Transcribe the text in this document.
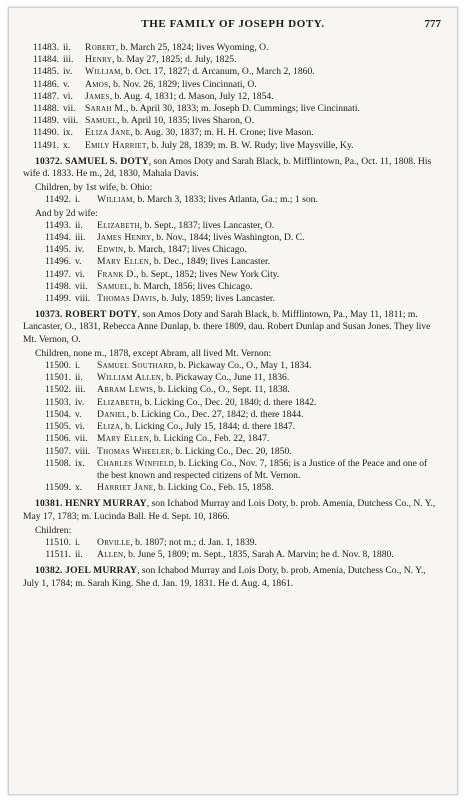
THE FAMILY OF JOSEPH DOTY.	777

11483. ii. Robert, b. March 25, 1824; lives Wyoming, O.

11484. iii. Henry, b. May 27, 1825; d. July, 1825.

11485. iv. William, b. Oct. 17, 1827; d. Arcanum, O., March 2, 1860.

11486. v. Amos, b. Nov. 26, 1829; lives Cincinnati, O.

11487. vi. James, b. Aug. 4, 1831; d. Mason, July 12, 1854.

11488. vii. Sarah M., b. April 30, 1833; m. Joseph D. Cummings; live Cincinnati.

11489. viii. Samuel, b. April 10, 1835; lives Sharon, O.

11490. ix. Eliza Jane, b. Aug. 30, 1837; m. H. H. Crone; live Mason.

11491. x. Emily Harriet, b. July 28, 1839; m. B. W. Rudy; live Maysville, Ky.

10372. SAMUEL S. DOTY, son Amos Doty and Sarah Black, b. Mifflintown, Pa., Oct. 11, 1808. His wife d. 1833. He m., 2d, 1830, Mahala Davis.

Children, by 1st wife, b. Ohio:

11492. i. William, b. March 3, 1833; lives Atlanta, Ga.; m.; 1 son.

And by 2d wife:

11493. ii. Elizabeth, b. Sept., 1837; lives Lancaster, O.

11494. iii. James Henry, b. Nov., 1844; lives Washington, D. C.

11495. iv. Edwin, b. March, 1847; lives Chicago.

11496. v. Mary Ellen, b. Dec., 1849; lives Lancaster.

11497. vi. Frank D., b. Sept., 1852; lives New York City.

11498. vii. Samuel, b. March, 1856; lives Chicago.

11499. viii. Thomas Davis, b. July, 1859; lives Lancaster.

10373. ROBERT DOTY, son Amos Doty and Sarah Black, b. Mifflintown, Pa., May 11, 1811; m. Lancaster, O., 1831, Rebecca Anne Dunlap, b. there 1809, dau. Robert Dunlap and Susan Jones. They live Mt. Vernon, O.

Children, none m., 1878, except Abram, all lived Mt. Vernon:

11500. i. Samuel Southard, b. Pickaway Co., O., May 1, 1834.

11501. ii. William Allen, b. Pickaway Co., June 11, 1836.

11502. iii. Abram Lewis, b. Licking Co., O., Sept. 11, 1838.

11503. iv. Elizabeth, b. Licking Co., Dec. 20, 1840; d. there 1842.

11504. v. Daniel, b. Licking Co., Dec. 27, 1842; d. there 1844.

11505. vi. Eliza, b. Licking Co., July 15, 1844; d. there 1847.

11506. vii. Mary Ellen, b. Licking Co., Feb. 22, 1847.

11507. viii. Thomas Wheeler, b. Licking Co., Dec. 20, 1850.

11508. ix. Charles Winfield, b. Licking Co., Nov. 7, 1856; is a Justice of the Peace and one of the best known and respected citizens of Mt. Vernon.

11509. x. Harriet Jane, b. Licking Co., Feb. 15, 1858.

10381. HENRY MURRAY, son Ichabod Murray and Lois Doty, b. prob. Amenia, Dutchess Co., N. Y., May 17, 1783; m. Lucinda Ball. He d. Sept. 10, 1866.

Children:

11510. i. Orville, b. 1807; not m.; d. Jan. 1, 1839.

11511. ii. Allen, b. June 5, 1809; m. Sept., 1835, Sarah A. Marvin; he d. Nov. 8, 1880.

10382. JOEL MURRAY, son Ichabod Murray and Lois Doty, b. prob. Amenia, Dutchess Co., N. Y., July 1, 1784; m. Sarah King. She d. Jan. 19, 1831. He d. Aug. 4, 1861.
